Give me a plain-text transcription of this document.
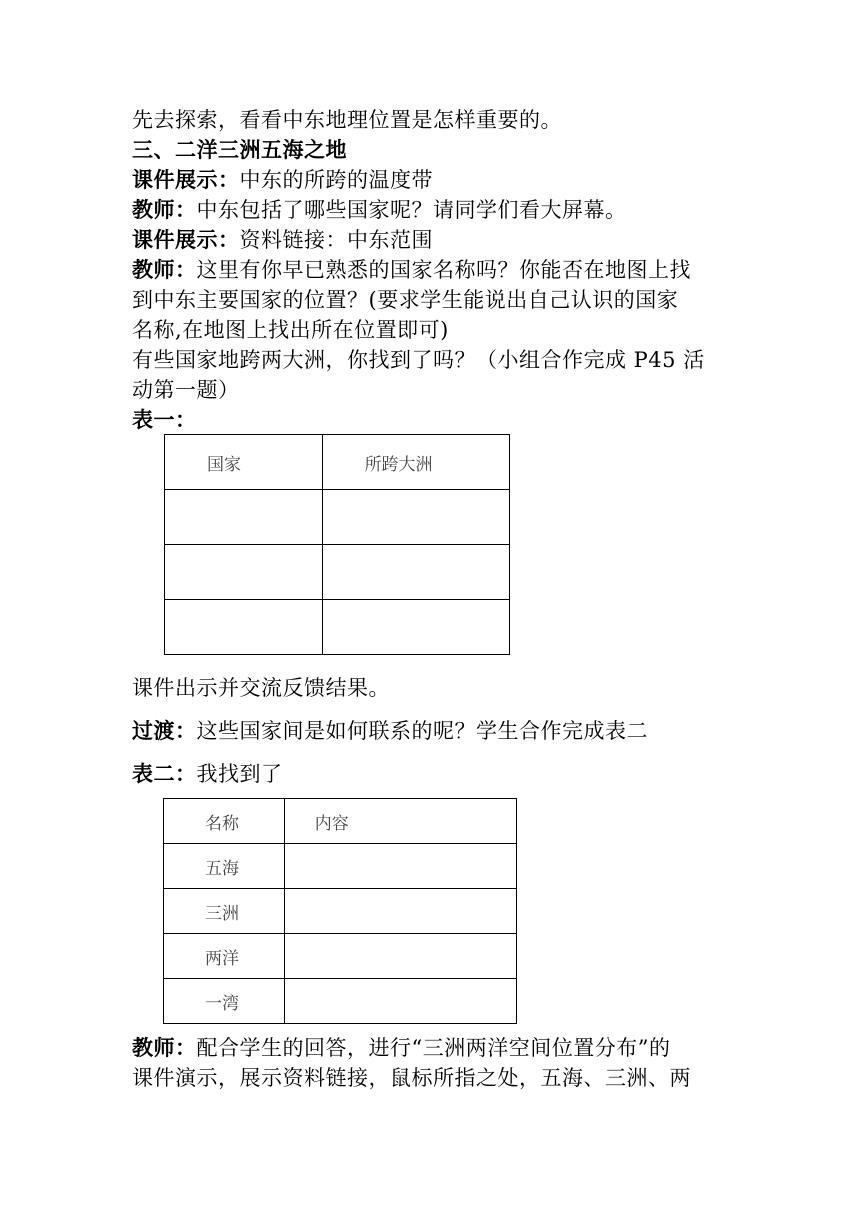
先去探索，看看中东地理位置是怎样重要的。
三、二洋三洲五海之地
课件展示：中东的所跨的温度带
教师：中东包括了哪些国家呢？请同学们看大屏幕。
课件展示：资料链接：中东范围
教师：这里有你早已熟悉的国家名称吗？你能否在地图上找
到中东主要国家的位置？(要求学生能说出自己认识的国家
名称,在地图上找出所在位置即可)
有些国家地跨两大洲，你找到了吗？（小组合作完成 P45 活
动第一题）
表一：
国家	所跨大洲

课件出示并交流反馈结果。
过渡：这些国家间是如何联系的呢？学生合作完成表二
表二：我找到了
名称	内容
五海	
三洲	
两洋	
一湾	
教师：配合学生的回答，进行“三洲两洋空间位置分布”的
课件演示，展示资料链接，鼠标所指之处，五海、三洲、两
